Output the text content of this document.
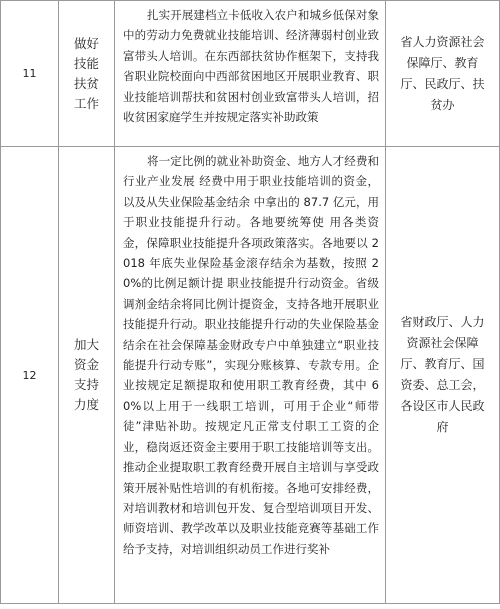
11
做好技能扶贫工作
扎实开展建档立卡低收入农户和城乡低保对象中的劳动力免费就业技能培训、经济薄弱村创业致富带头人培训。在东西部扶贫协作框架下，支持我省职业院校面向中西部贫困地区开展职业教育、职业技能培训帮扶和贫困村创业致富带头人培训，招收贫困家庭学生并按规定落实补助政策
省人力资源社会保障厅、教育厅、民政厅、扶贫办
12
加大资金支持力度
将一定比例的就业补助资金、地方人才经费和行业产业发展 经费中用于职业技能培训的资金，以及从失业保险基金结余 中拿出的 87.7 亿元，用于职业技能提升行动。各地要统筹使 用各类资金，保障职业技能提升各项政策落实。各地要以 2018 年底失业保险基金滚存结余为基数，按照 20%的比例足额计提 职业技能提升行动资金。省级调剂金结余将同比例计提资金，支持各地开展职业技能提升行动。职业技能提升行动的失业保险基金结余在社会保障基金财政专户中单独建立“职业技能提升行动专账”，实现分账核算、专款专用。企业按规定足额提取和使用职工教育经费，其中 60%以上用于一线职工培训，可用于企业“师带徒”津贴补助。按规定凡正常支付职工工资的企业，稳岗返还资金主要用于职工技能培训等支出。推动企业提取职工教育经费开展自主培训与享受政 策开展补贴性培训的有机衔接。各地可安排经费，对培训教材和培训包开发、复合型培训项目开发、师资培训、教学改革以及职业技能竞赛等基础工作给予支持，对培训组织动员工作进行奖补
省财政厅、人力资源社会保障厅、教育厅、国资委、总工会，各设区市人民政府
